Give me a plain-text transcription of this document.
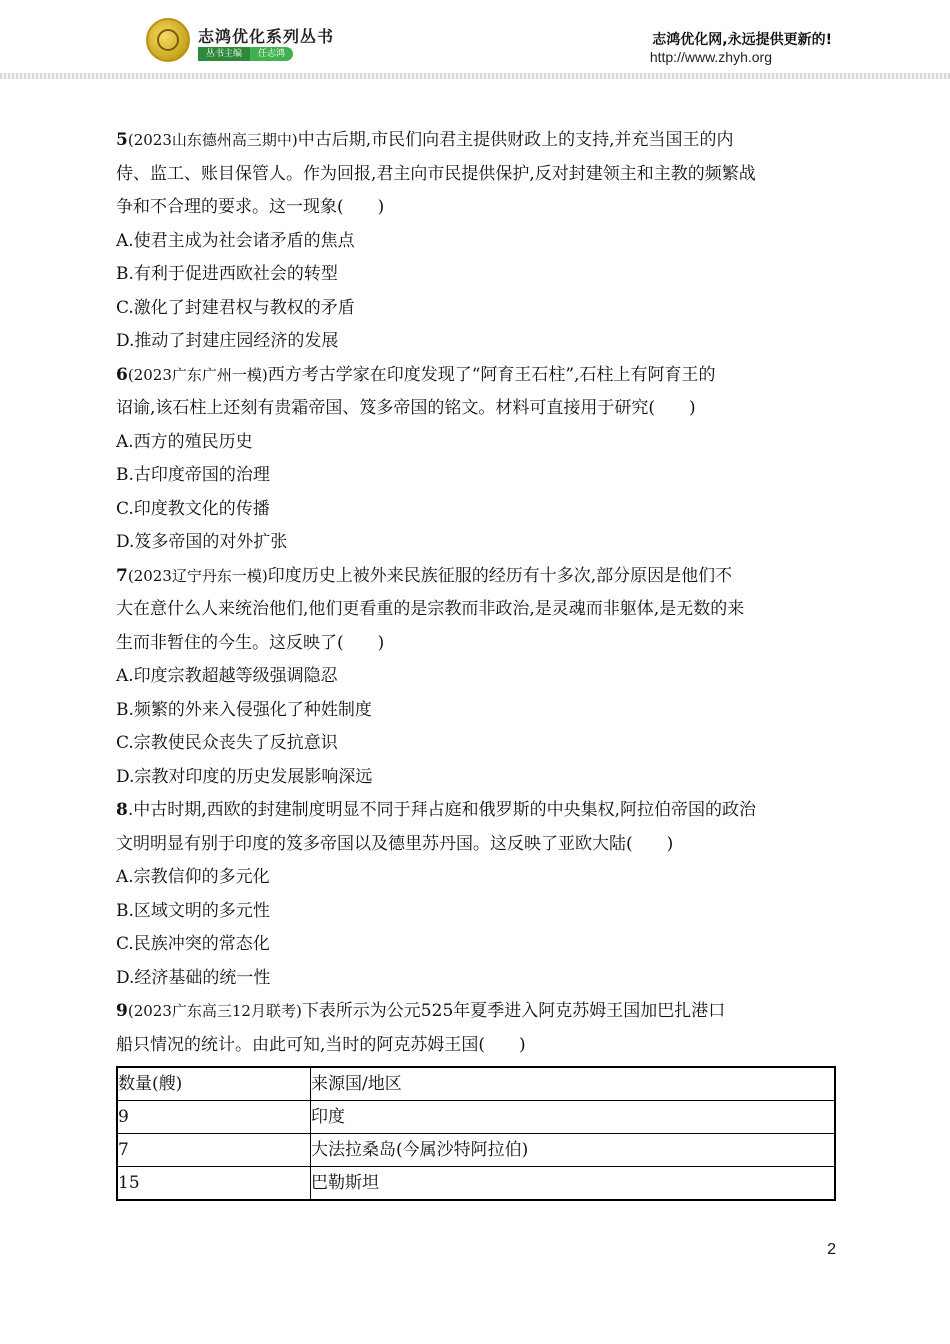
志鸿优化系列丛书
丛书主编	任志鸿
志鸿优化网,永远提供更新的!
http://www.zhyh.org
5(2023山东德州高三期中)中古后期,市民们向君主提供财政上的支持,并充当国王的内
侍、监工、账目保管人。作为回报,君主向市民提供保护,反对封建领主和主教的频繁战
争和不合理的要求。这一现象(　　)
A.使君主成为社会诸矛盾的焦点
B.有利于促进西欧社会的转型
C.激化了封建君权与教权的矛盾
D.推动了封建庄园经济的发展
6(2023广东广州一模)西方考古学家在印度发现了“阿育王石柱”,石柱上有阿育王的
诏谕,该石柱上还刻有贵霜帝国、笈多帝国的铭文。材料可直接用于研究(　　)
A.西方的殖民历史
B.古印度帝国的治理
C.印度教文化的传播
D.笈多帝国的对外扩张
7(2023辽宁丹东一模)印度历史上被外来民族征服的经历有十多次,部分原因是他们不
大在意什么人来统治他们,他们更看重的是宗教而非政治,是灵魂而非躯体,是无数的来
生而非暂住的今生。这反映了(　　)
A.印度宗教超越等级强调隐忍
B.频繁的外来入侵强化了种姓制度
C.宗教使民众丧失了反抗意识
D.宗教对印度的历史发展影响深远
8.中古时期,西欧的封建制度明显不同于拜占庭和俄罗斯的中央集权,阿拉伯帝国的政治
文明明显有别于印度的笈多帝国以及德里苏丹国。这反映了亚欧大陆(　　)
A.宗教信仰的多元化
B.区域文明的多元性
C.民族冲突的常态化
D.经济基础的统一性
9(2023广东高三12月联考)下表所示为公元525年夏季进入阿克苏姆王国加巴扎港口
船只情况的统计。由此可知,当时的阿克苏姆王国(　　)
数量(艘)	来源国/地区
9	印度
7	大法拉桑岛(今属沙特阿拉伯)
15	巴勒斯坦
2
